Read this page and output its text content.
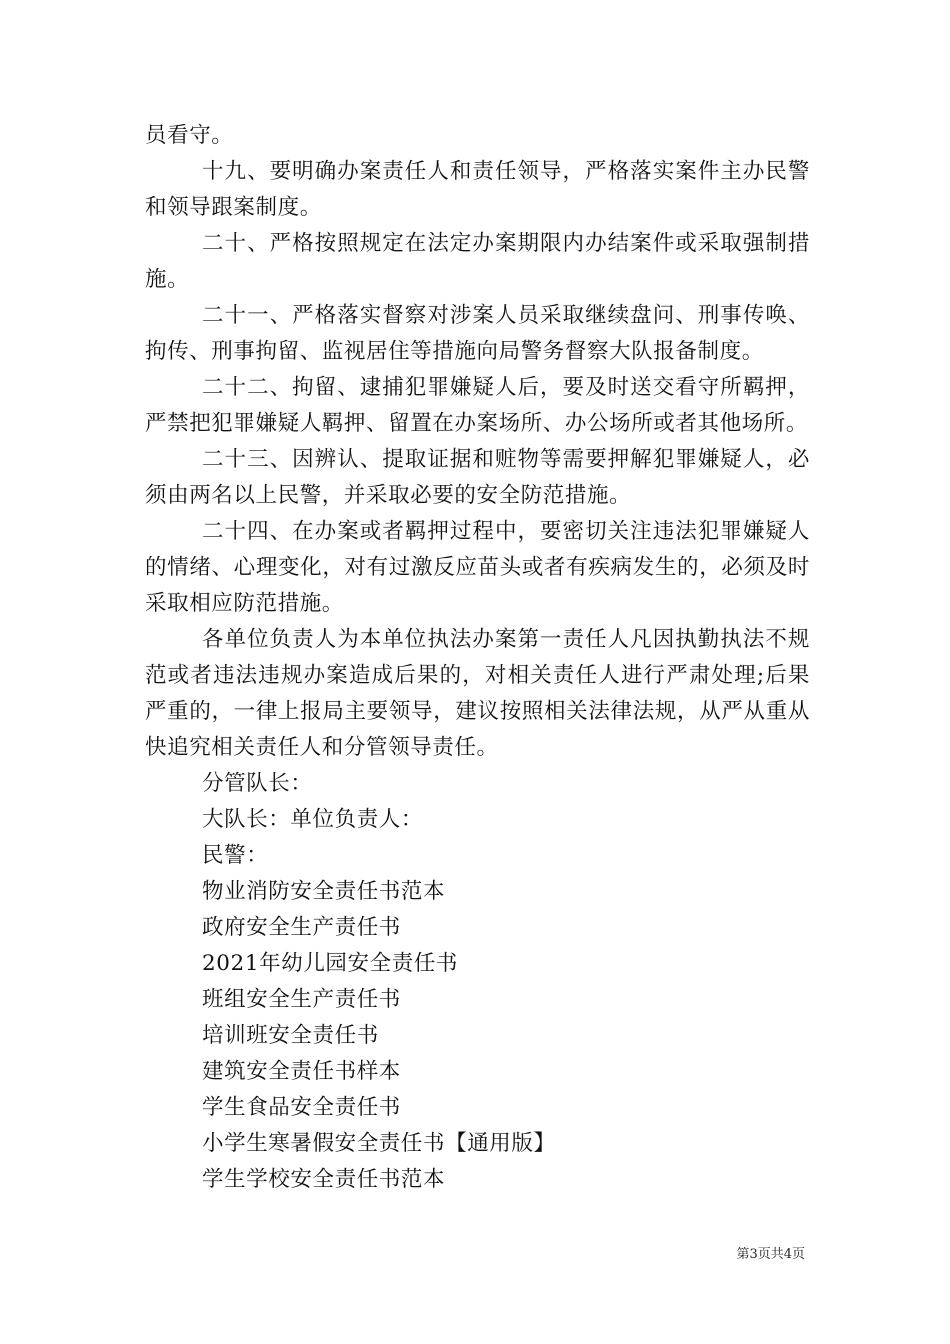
员看守。

十九、要明确办案责任人和责任领导，严格落实案件主办民警和领导跟案制度。

二十、严格按照规定在法定办案期限内办结案件或采取强制措施。

二十一、严格落实督察对涉案人员采取继续盘问、刑事传唤、拘传、刑事拘留、监视居住等措施向局警务督察大队报备制度。

二十二、拘留、逮捕犯罪嫌疑人后，要及时送交看守所羁押，严禁把犯罪嫌疑人羁押、留置在办案场所、办公场所或者其他场所。

二十三、因辨认、提取证据和赃物等需要押解犯罪嫌疑人，必须由两名以上民警，并采取必要的安全防范措施。

二十四、在办案或者羁押过程中，要密切关注违法犯罪嫌疑人的情绪、心理变化，对有过激反应苗头或者有疾病发生的，必须及时采取相应防范措施。

各单位负责人为本单位执法办案第一责任人凡因执勤执法不规范或者违法违规办案造成后果的，对相关责任人进行严肃处理;后果严重的，一律上报局主要领导，建议按照相关法律法规，从严从重从快追究相关责任人和分管领导责任。

分管队长：

大队长：单位负责人：

民警：

物业消防安全责任书范本

政府安全生产责任书

2021年幼儿园安全责任书

班组安全生产责任书

培训班安全责任书

建筑安全责任书样本

学生食品安全责任书

小学生寒暑假安全责任书【通用版】

学生学校安全责任书范本

第3页共4页
